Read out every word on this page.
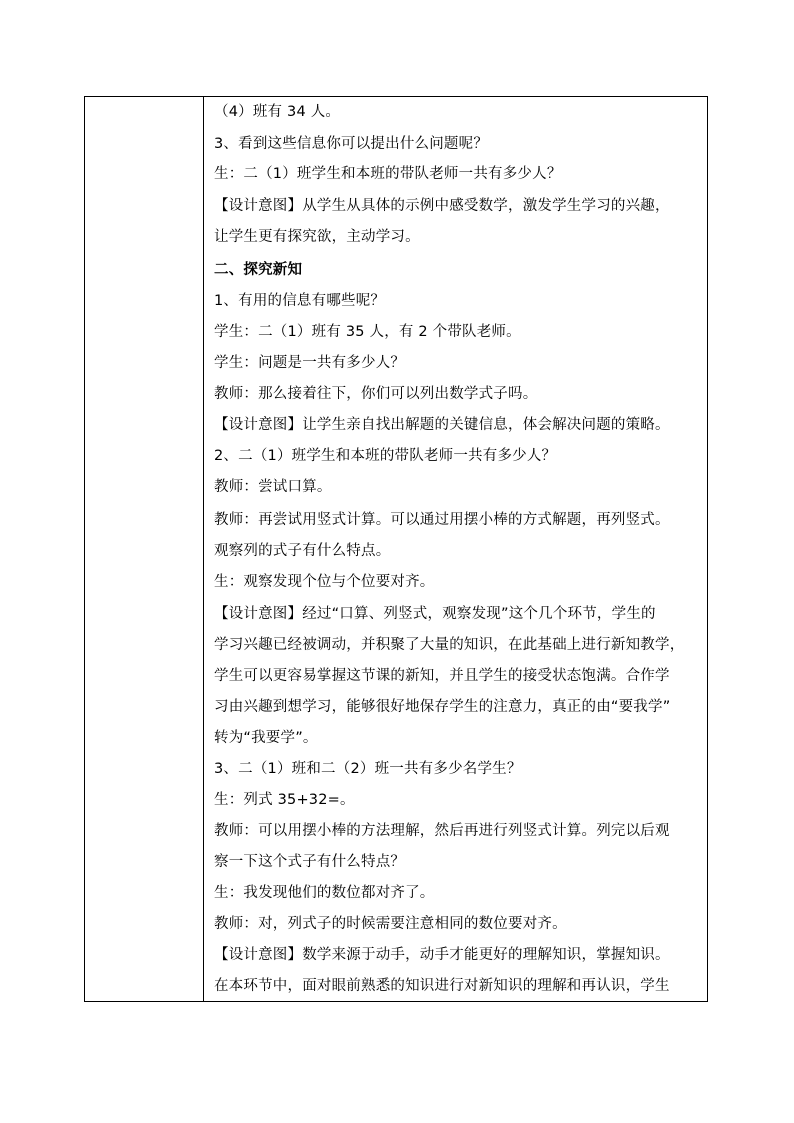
（4）班有 34 人。
3、看到这些信息你可以提出什么问题呢？
生：二（1）班学生和本班的带队老师一共有多少人？
【设计意图】从学生从具体的示例中感受数学，激发学生学习的兴趣，
让学生更有探究欲，主动学习。
二、探究新知
1、有用的信息有哪些呢？
学生：二（1）班有 35 人，有 2 个带队老师。
学生：问题是一共有多少人？
教师：那么接着往下，你们可以列出数学式子吗。
【设计意图】让学生亲自找出解题的关键信息，体会解决问题的策略。
2、二（1）班学生和本班的带队老师一共有多少人？
教师：尝试口算。
教师：再尝试用竖式计算。可以通过用摆小棒的方式解题，再列竖式。
观察列的式子有什么特点。
生：观察发现个位与个位要对齐。
【设计意图】经过“口算、列竖式，观察发现”这个几个环节，学生的
学习兴趣已经被调动，并积聚了大量的知识，在此基础上进行新知教学，
学生可以更容易掌握这节课的新知，并且学生的接受状态饱满。合作学
习由兴趣到想学习，能够很好地保存学生的注意力，真正的由“要我学”
转为“我要学”。
3、二（1）班和二（2）班一共有多少名学生？
生：列式 35+32=。
教师：可以用摆小棒的方法理解，然后再进行列竖式计算。列完以后观
察一下这个式子有什么特点？
生：我发现他们的数位都对齐了。
教师：对，列式子的时候需要注意相同的数位要对齐。
【设计意图】数学来源于动手，动手才能更好的理解知识，掌握知识。
在本环节中，面对眼前熟悉的知识进行对新知识的理解和再认识，学生
